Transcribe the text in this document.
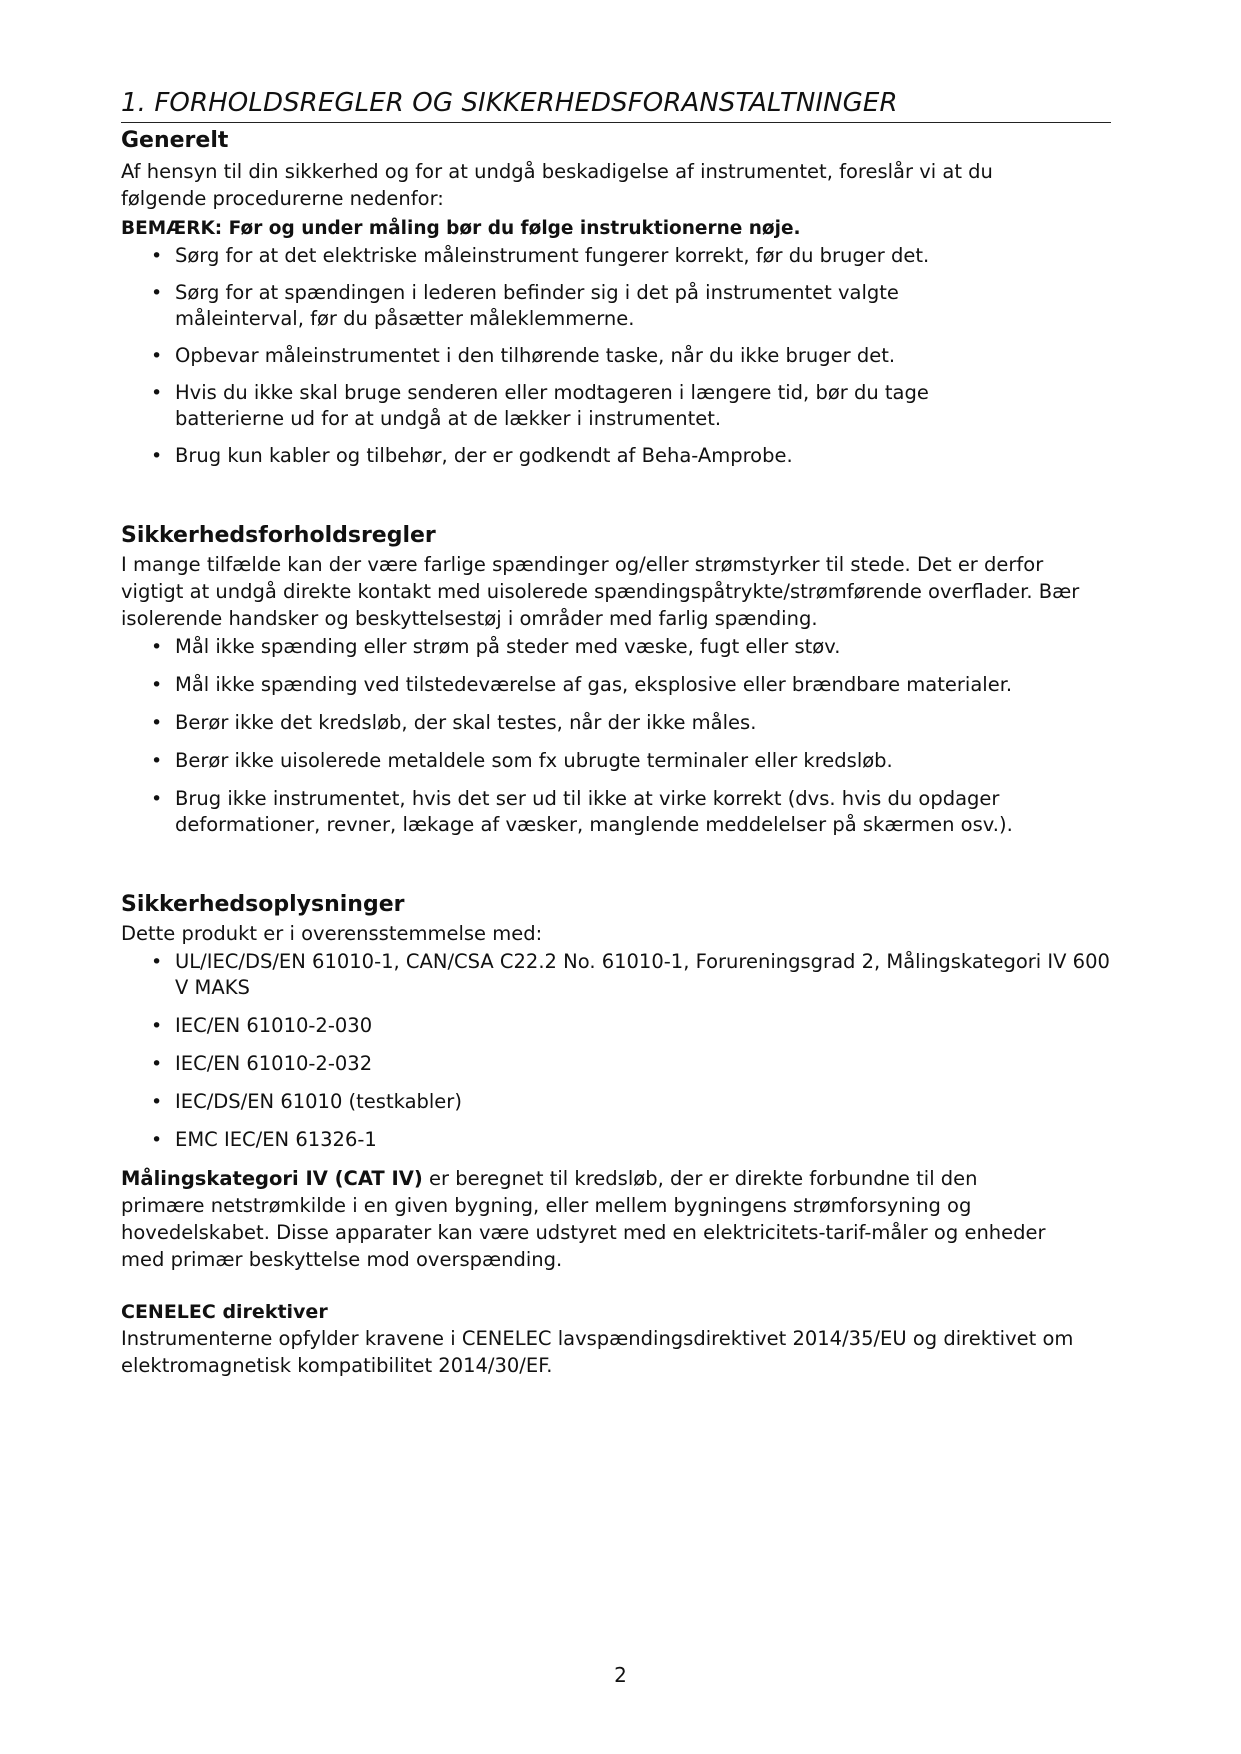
1. FORHOLDSREGLER OG SIKKERHEDSFORANSTALTNINGER
Generelt

Af hensyn til din sikkerhed og for at undgå beskadigelse af instrumentet, foreslår vi at du følgende procedurerne nedenfor:

BEMÆRK: Før og under måling bør du følge instruktionerne nøje.

• Sørg for at det elektriske måleinstrument fungerer korrekt, før du bruger det.
• Sørg for at spændingen i lederen befinder sig i det på instrumentet valgte måleinterval, før du påsætter måleklemmerne.
• Opbevar måleinstrumentet i den tilhørende taske, når du ikke bruger det.
• Hvis du ikke skal bruge senderen eller modtageren i længere tid, bør du tage batterierne ud for at undgå at de lækker i instrumentet.
• Brug kun kabler og tilbehør, der er godkendt af Beha-Amprobe.
Sikkerhedsforholdsregler

I mange tilfælde kan der være farlige spændinger og/eller strømstyrker til stede. Det er derfor vigtigt at undgå direkte kontakt med uisolerede spændingspåtrykte/strømførende overflader. Bær isolerende handsker og beskyttelsestøj i områder med farlig spænding.

• Mål ikke spænding eller strøm på steder med væske, fugt eller støv.
• Mål ikke spænding ved tilstedeværelse af gas, eksplosive eller brændbare materialer.
• Berør ikke det kredsløb, der skal testes, når der ikke måles.
• Berør ikke uisolerede metaldele som fx ubrugte terminaler eller kredsløb.
• Brug ikke instrumentet, hvis det ser ud til ikke at virke korrekt (dvs. hvis du opdager deformationer, revner, lækage af væsker, manglende meddelelser på skærmen osv.).
Sikkerhedsoplysninger

Dette produkt er i overensstemmelse med:

• UL/IEC/DS/EN 61010-1, CAN/CSA C22.2 No. 61010-1, Forureningsgrad 2, Målingskategori IV 600 V MAKS
• IEC/EN 61010-2-030
• IEC/EN 61010-2-032
• IEC/DS/EN 61010 (testkabler)
• EMC IEC/EN 61326-1

Målingskategori IV (CAT IV) er beregnet til kredsløb, der er direkte forbundne til den primære netstrømkilde i en given bygning, eller mellem bygningens strømforsyning og hovedelskabet. Disse apparater kan være udstyret med en elektricitets-tarif-måler og enheder med primær beskyttelse mod overspænding.

CENELEC direktiver

Instrumenterne opfylder kravene i CENELEC lavspændingsdirektivet 2014/35/EU og direktivet om elektromagnetisk kompatibilitet 2014/30/EF.

2
